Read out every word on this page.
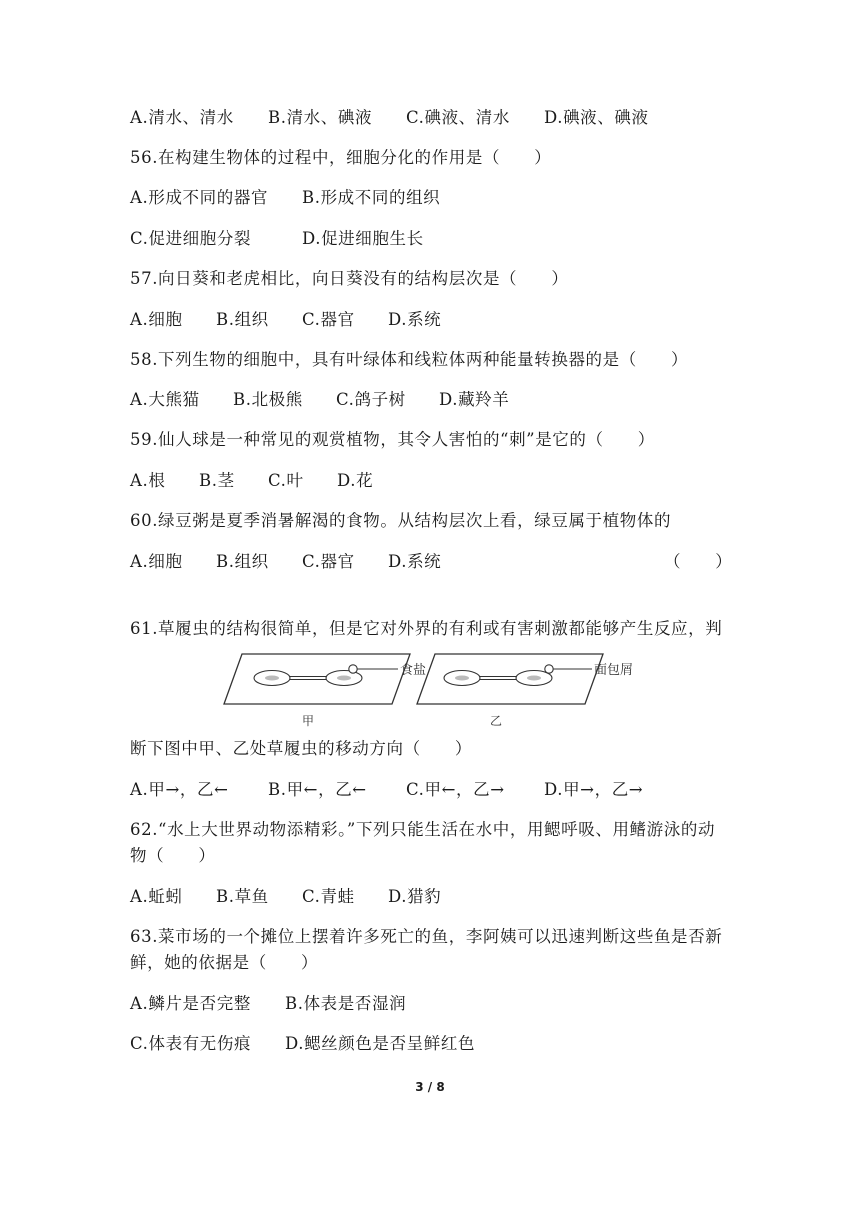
A.清水、清水 B.清水、碘液 C.碘液、清水 D.碘液、碘液
56.在构建生物体的过程中，细胞分化的作用是（　　）
A.形成不同的器官 B.形成不同的组织
C.促进细胞分裂	D.促进细胞生长
57.向日葵和老虎相比，向日葵没有的结构层次是（　　）
A.细胞 B.组织 C.器官 D.系统
58.下列生物的细胞中，具有叶绿体和线粒体两种能量转换器的是（　　）
A.大熊猫 B.北极熊 C.鸽子树 D.藏羚羊
59.仙人球是一种常见的观赏植物，其令人害怕的“刺”是它的（　　）
A.根 B.茎 C.叶 D.花
60.绿豆粥是夏季消暑解渴的食物。从结构层次上看，绿豆属于植物体的
A.细胞 B.组织 C.器官 D.系统	（　　）
61.草履虫的结构很简单，但是它对外界的有利或有害刺激都能够产生反应，判
食盐
甲
面包屑
乙
断下图中甲、乙处草履虫的移动方向（　　）
A.甲→，乙← B.甲←，乙← C.甲←，乙→ D.甲→，乙→
62.“水上大世界动物添精彩。”下列只能生活在水中，用鳃呼吸、用鳍游泳的动
物（　　）
A.蚯蚓 B.草鱼 C.青蛙 D.猎豹
63.菜市场的一个摊位上摆着许多死亡的鱼，李阿姨可以迅速判断这些鱼是否新
鲜，她的依据是（　　）
A.鳞片是否完整 B.体表是否湿润
C.体表有无伤痕 D.鳃丝颜色是否呈鲜红色
3 / 8
